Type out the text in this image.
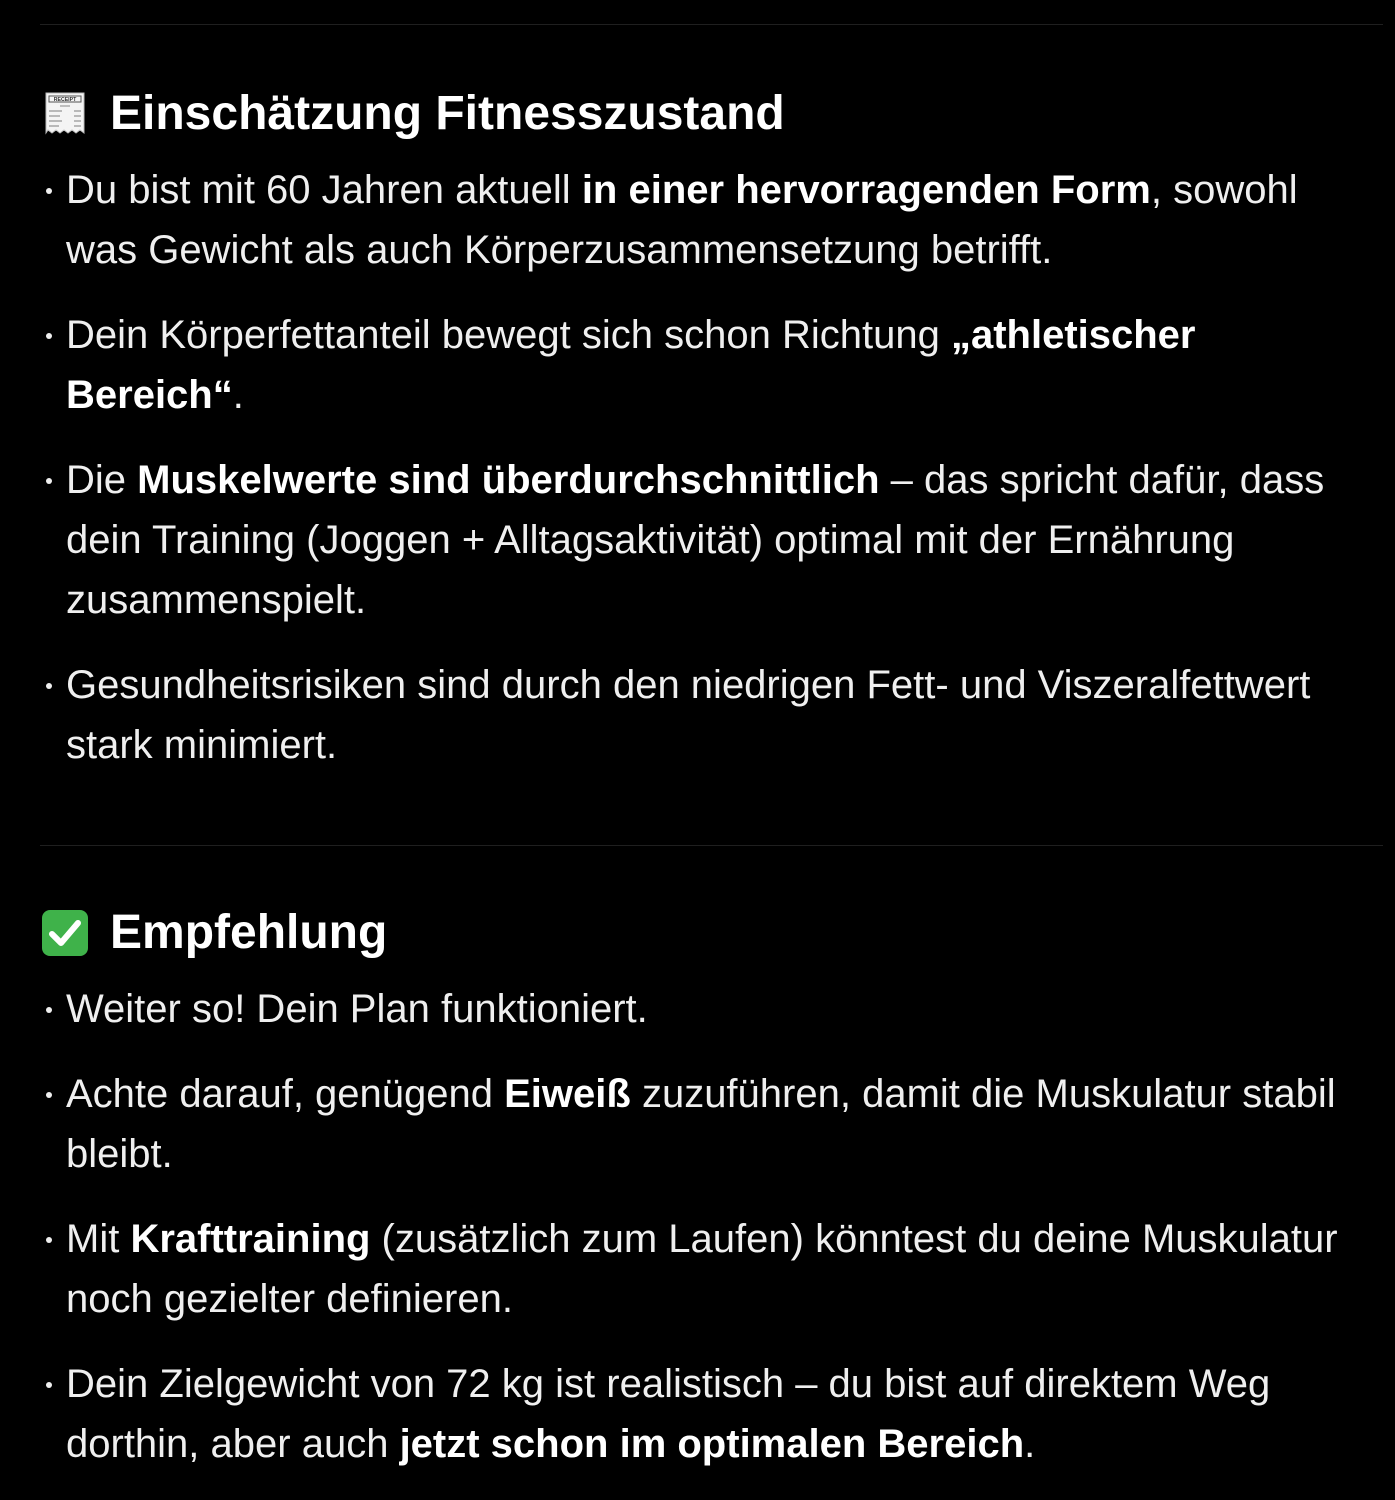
RECEIPT Einschätzung Fitnesszustand
Du bist mit 60 Jahren aktuell in einer hervorragenden Form, sowohl was Gewicht als auch Körperzusammensetzung betrifft.
Dein Körperfettanteil bewegt sich schon Richtung „athletischer Bereich“.
Die Muskelwerte sind überdurchschnittlich – das spricht dafür, dass dein Training (Joggen + Alltagsaktivität) optimal mit der Ernährung zusammenspielt.
Gesundheitsrisiken sind durch den niedrigen Fett- und Viszeralfettwert stark minimiert.
Empfehlung
Weiter so! Dein Plan funktioniert.
Achte darauf, genügend Eiweiß zuzuführen, damit die Muskulatur stabil bleibt.
Mit Krafttraining (zusätzlich zum Laufen) könntest du deine Muskulatur noch gezielter definieren.
Dein Zielgewicht von 72 kg ist realistisch – du bist auf direktem Weg dorthin, aber auch jetzt schon im optimalen Bereich.
